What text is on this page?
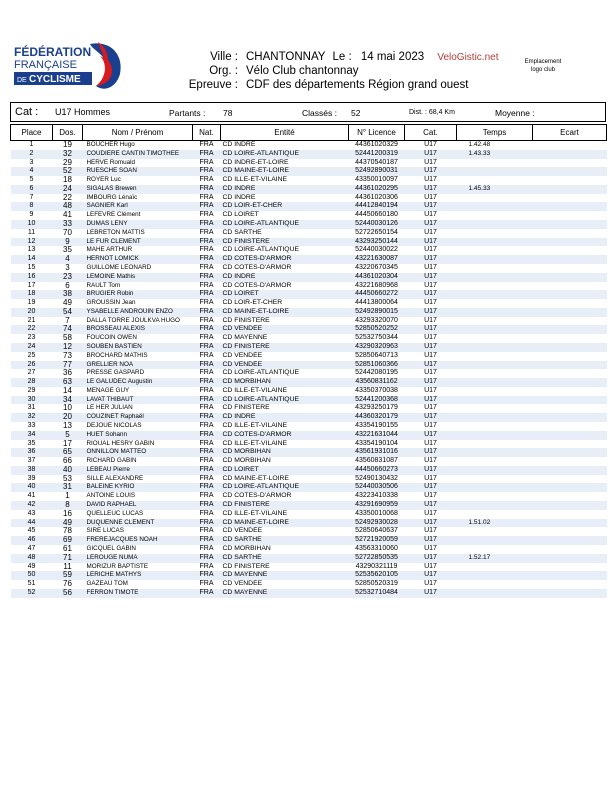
FÉDÉRATION
FRANÇAISE
DE CYCLISME
Ville : CHANTONNAY Le : 14 mai 2023 VeloGistic.net
Org. : Vélo Club chantonnay
Epreuve : CDF des départements Région grand ouest
Emplacement
logo club
Cat : U17 Hommes	Partants : 78	Classés : 52	Dist. : 68,4 Km	Moyenne :
Place	Dos.	Nom / Prénom	Nat.	Entité	N° Licence	Cat.	Temps	Ecart
1	19	BOUCHER Hugo	FRA	CD INDRE	44361020329	U17	1.42.48	
2	32	COUDIERE CANTIN TIMOTHEE	FRA	CD LOIRE-ATLANTIQUE	52441200319	U17	1.43.33	
3	29	HERVE Romuald	FRA	CD INDRE-ET-LOIRE	44370540187	U17		
4	52	RUESCHE SOAN	FRA	CD MAINE-ET-LOIRE	52492890031	U17		
5	18	ROYER Luc	FRA	CD ILLE-ET-VILAINE	43350010097	U17		
6	24	SIGALAS Brewen	FRA	CD INDRE	44361020295	U17	1.45.33	
7	22	IMBOURG Lénaïc	FRA	CD INDRE	44361020306	U17		
8	48	SAGNIER Karl	FRA	CD LOIR-ET-CHER	44412840194	U17		
9	41	LEFEVRE Clément	FRA	CD LOIRET	44450660180	U17		
10	33	DUMAS LENY	FRA	CD LOIRE-ATLANTIQUE	52440030126	U17		
11	70	LEBRETON MATTIS	FRA	CD SARTHE	52722650154	U17		
12	9	LE FUR CLEMENT	FRA	CD FINISTÈRE	43293250144	U17		
13	35	MAHE ARTHUR	FRA	CD LOIRE-ATLANTIQUE	52440030022	U17		
14	4	HERNOT LOMICK	FRA	CD CÔTES-D'ARMOR	43221630087	U17		
15	3	GUILLOME LEONARD	FRA	CD CÔTES-D'ARMOR	43220670345	U17		
16	23	LEMOINE Mathis	FRA	CD INDRE	44361020304	U17		
17	6	RAULT Tom	FRA	CD CÔTES-D'ARMOR	43221680968	U17		
18	38	BRUGIER Robin	FRA	CD LOIRET	44450660272	U17		
19	49	GROUSSIN Jean	FRA	CD LOIR-ET-CHER	44413800064	U17		
20	54	YSABELLE ANDROUIN ENZO	FRA	CD MAINE-ET-LOIRE	52492890015	U17		
21	7	DALLA TORRE JOULKVA HUGO	FRA	CD FINISTÈRE	43293320070	U17		
22	74	BROSSEAU ALEXIS	FRA	CD VENDÉE	52850520252	U17		
23	58	FOUCOIN OWEN	FRA	CD MAYENNE	52532750344	U17		
24	12	SOUBEN BASTIEN	FRA	CD FINISTÈRE	43290320963	U17		
25	73	BROCHARD MATHIS	FRA	CD VENDÉE	52850640713	U17		
26	77	GRELLIER NOA	FRA	CD VENDÉE	52851060366	U17		
27	36	PRESSE GASPARD	FRA	CD LOIRE-ATLANTIQUE	52442080195	U17		
28	63	LE GALUDEC Augustin	FRA	CD MORBIHAN	43560831162	U17		
29	14	MENAGE GUY	FRA	CD ILLE-ET-VILAINE	43350370038	U17		
30	34	LAVAT THIBAUT	FRA	CD LOIRE-ATLANTIQUE	52441200368	U17		
31	10	LE HER JULIAN	FRA	CD FINISTÈRE	43293250179	U17		
32	20	COUZINET Raphaël	FRA	CD INDRE	44360320179	U17		
33	13	DEJOUE NICOLAS	FRA	CD ILLE-ET-VILAINE	43354190155	U17		
34	5	HUET Sohann	FRA	CD CÔTES-D'ARMOR	43221631044	U17		
35	17	RIOUAL HESRY GABIN	FRA	CD ILLE-ET-VILAINE	43354190104	U17		
36	65	ONNILLON MATTEO	FRA	CD MORBIHAN	43561931016	U17		
37	66	RICHARD GABIN	FRA	CD MORBIHAN	43560831087	U17		
38	40	LEBEAU Pierre	FRA	CD LOIRET	44450660273	U17		
39	53	SILLE ALEXANDRE	FRA	CD MAINE-ET-LOIRE	52490130432	U17		
40	31	BALEINE KYRIO	FRA	CD LOIRE-ATLANTIQUE	52440030506	U17		
41	1	ANTOINE LOUIS	FRA	CD CÔTES-D'ARMOR	43223410338	U17		
42	8	DAVID RAPHAEL	FRA	CD FINISTÈRE	43291690959	U17		
43	16	QUELLEUC LUCAS	FRA	CD ILLE-ET-VILAINE	43350010068	U17		
44	49	DUQUENNE CLEMENT	FRA	CD MAINE-ET-LOIRE	52492930028	U17	1.51.02	
45	78	SIRE LUCAS	FRA	CD VENDÉE	52850640637	U17		
46	69	FREREJACQUES NOAH	FRA	CD SARTHE	52721920059	U17		
47	61	GICQUEL GABIN	FRA	CD MORBIHAN	43563310060	U17		
48	71	LEROUGE NUMA	FRA	CD SARTHE	52722850535	U17	1.52.17	
49	11	MORIZUR BAPTISTE	FRA	CD FINISTÈRE	43290321119	U17		
50	59	LERICHE MATHYS	FRA	CD MAYENNE	52535620105	U17		
51	76	GAZEAU TOM	FRA	CD VENDÉE	52850520319	U17		
52	56	FERRON TIMOTE	FRA	CD MAYENNE	52532710484	U17		
